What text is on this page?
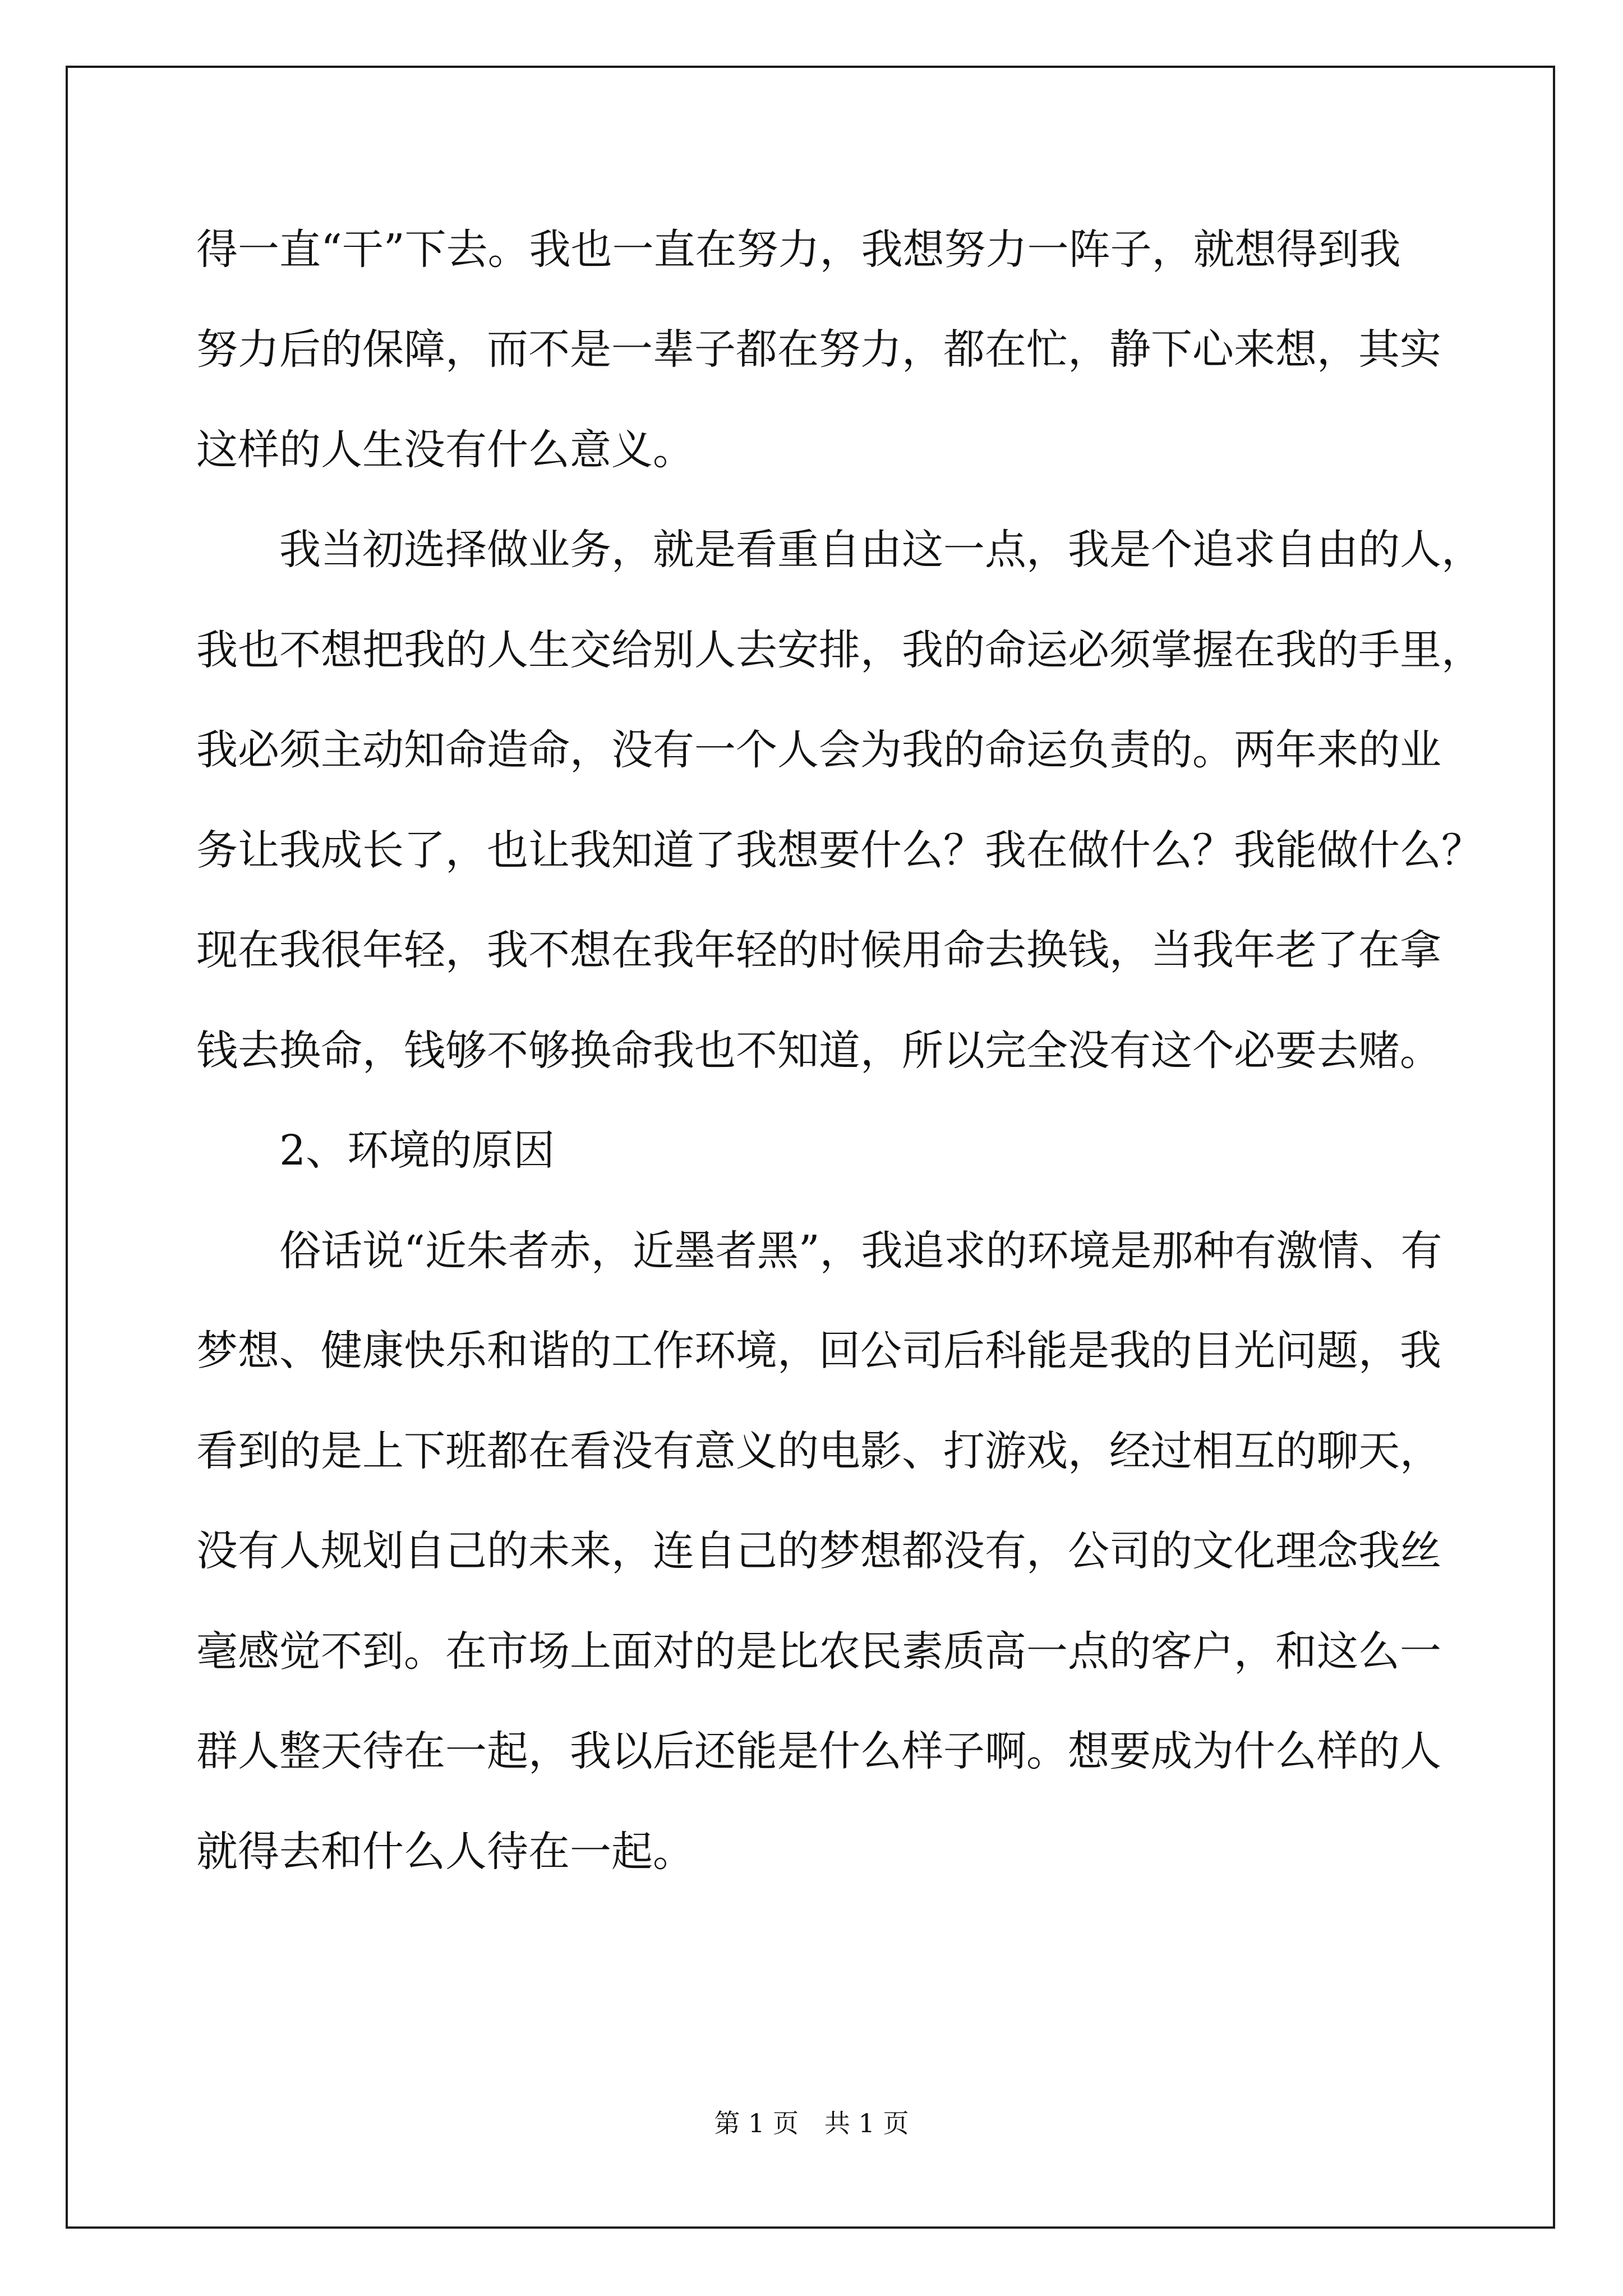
得一直“干”下去。我也一直在努力，我想努力一阵子，就想得到我

努力后的保障，而不是一辈子都在努力，都在忙，静下心来想，其实

这样的人生没有什么意义。

我当初选择做业务，就是看重自由这一点，我是个追求自由的人，

我也不想把我的人生交给别人去安排，我的命运必须掌握在我的手里，

我必须主动知命造命，没有一个人会为我的命运负责的。两年来的业

务让我成长了，也让我知道了我想要什么？我在做什么？我能做什么？

现在我很年轻，我不想在我年轻的时候用命去换钱，当我年老了在拿

钱去换命，钱够不够换命我也不知道，所以完全没有这个必要去赌。

2、环境的原因

俗话说“近朱者赤，近墨者黑”，我追求的环境是那种有激情、有

梦想、健康快乐和谐的工作环境，回公司后科能是我的目光问题，我

看到的是上下班都在看没有意义的电影、打游戏，经过相互的聊天，

没有人规划自己的未来，连自己的梦想都没有，公司的文化理念我丝

毫感觉不到。在市场上面对的是比农民素质高一点的客户，和这么一

群人整天待在一起，我以后还能是什么样子啊。想要成为什么样的人

就得去和什么人待在一起。

第 1 页　共 1 页
